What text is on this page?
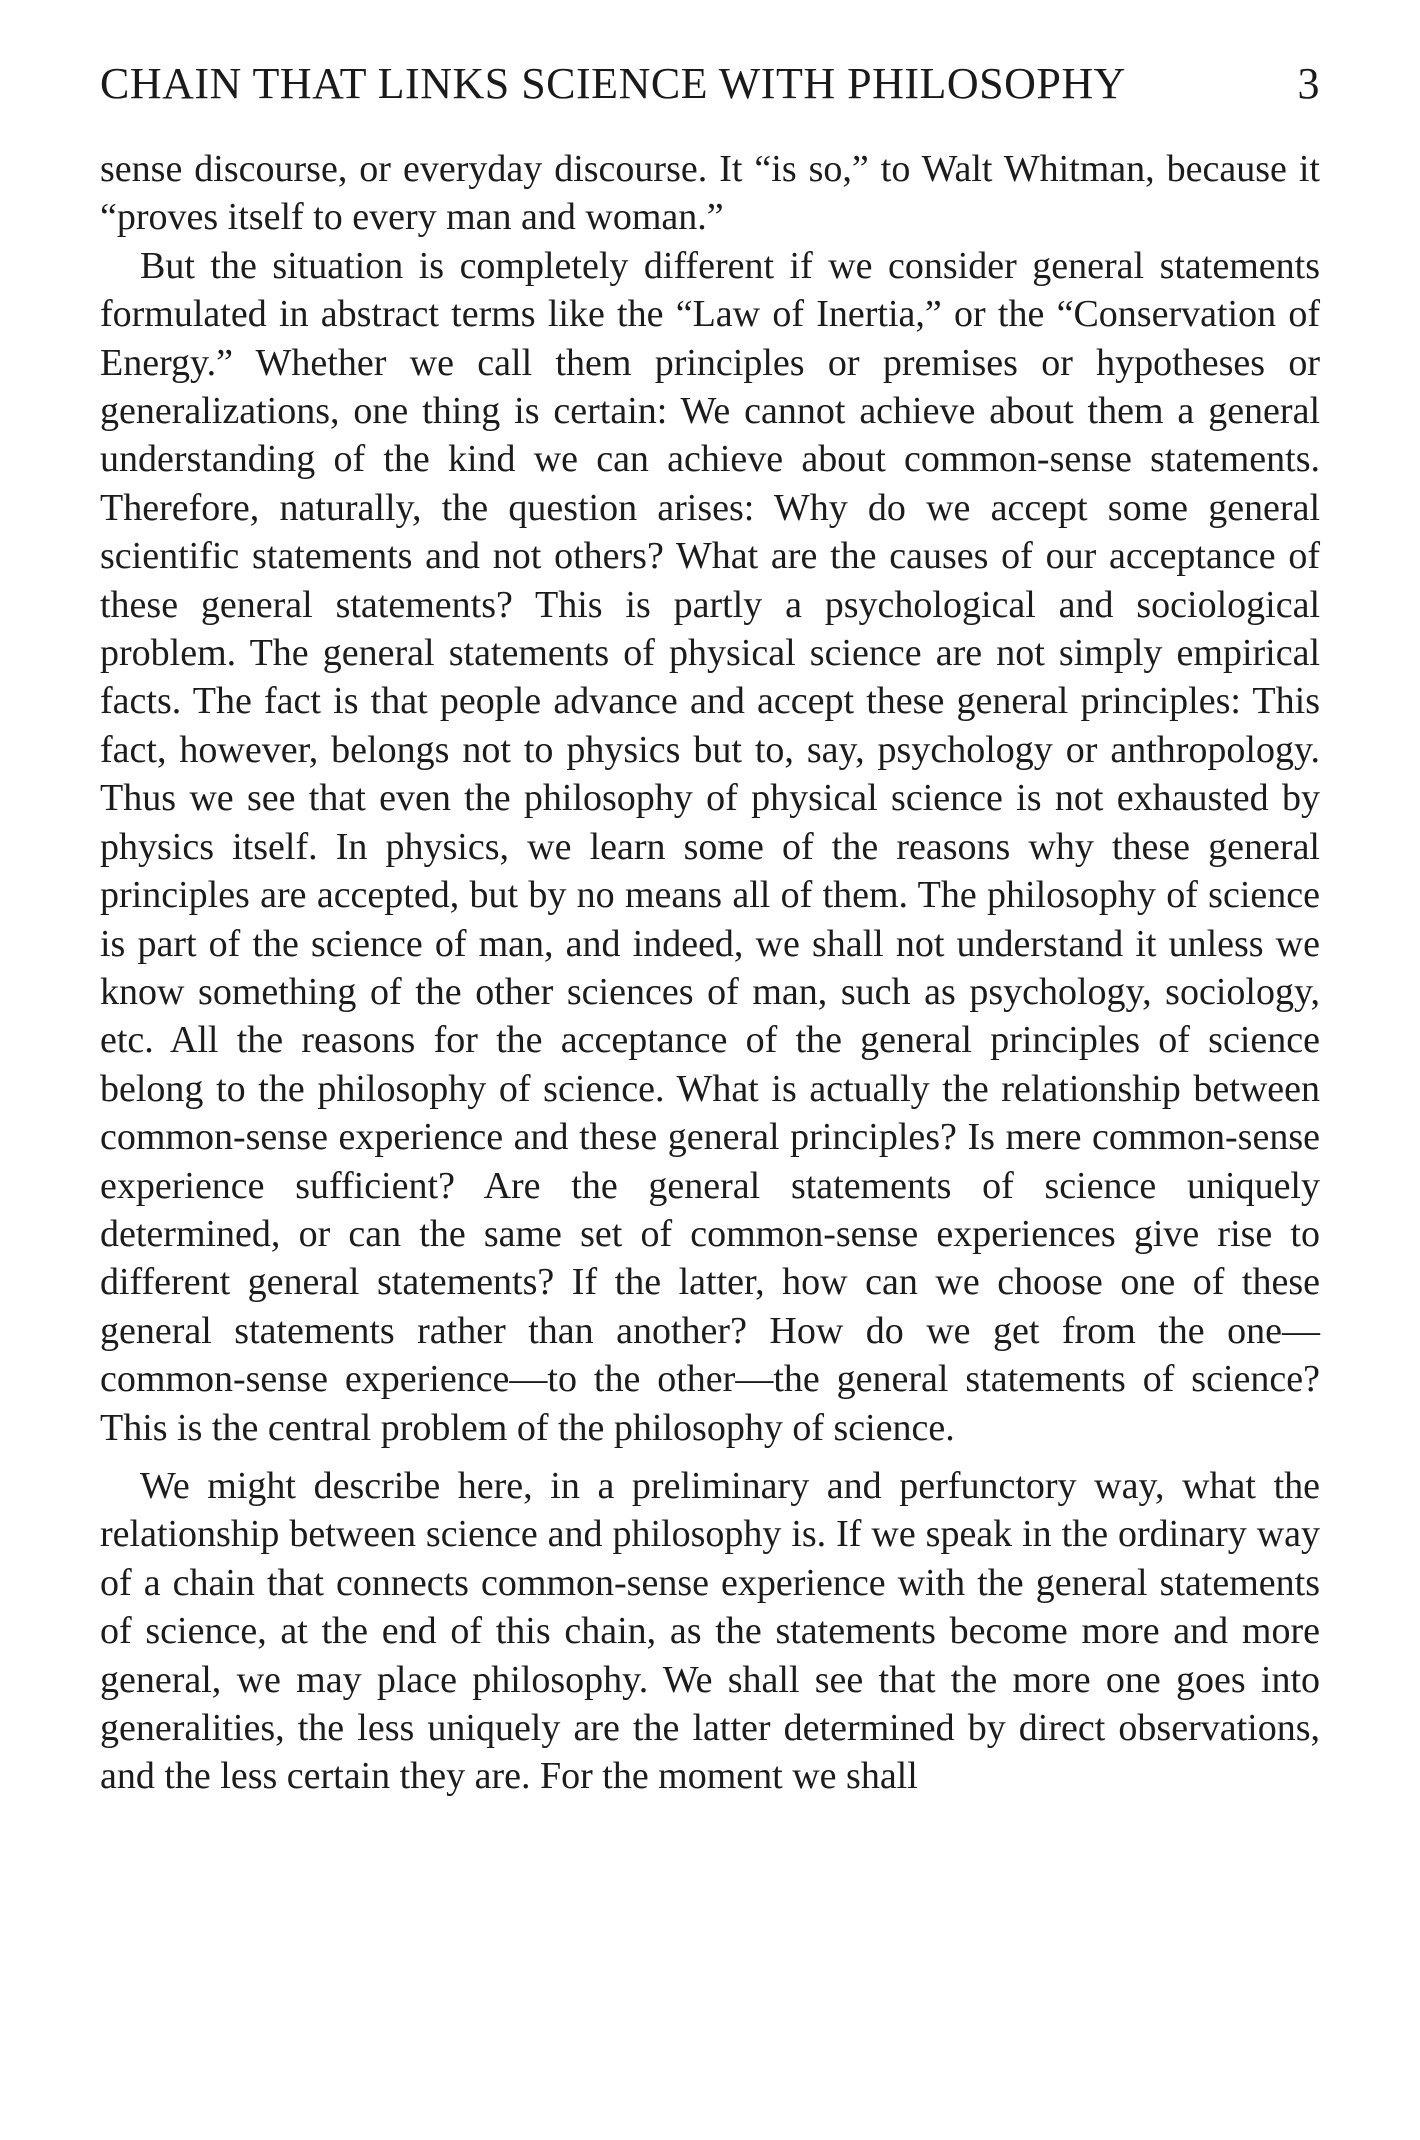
CHAIN THAT LINKS SCIENCE WITH PHILOSOPHY	3

sense discourse, or everyday discourse. It “is so,” to Walt Whitman, because it “proves itself to every man and woman.”

But the situation is completely different if we consider general statements formulated in abstract terms like the “Law of Inertia,” or the “Conservation of Energy.” Whether we call them principles or premises or hypotheses or generalizations, one thing is certain: We cannot achieve about them a general understanding of the kind we can achieve about common-sense statements. Therefore, naturally, the question arises: Why do we accept some general scientific statements and not others? What are the causes of our acceptance of these general statements? This is partly a psychological and sociological problem. The general statements of physical science are not simply empirical facts. The fact is that people advance and accept these general principles: This fact, however, belongs not to physics but to, say, psychology or anthropology. Thus we see that even the philosophy of physical science is not exhausted by physics itself. In physics, we learn some of the reasons why these general principles are accepted, but by no means all of them. The philosophy of science is part of the science of man, and indeed, we shall not understand it unless we know something of the other sciences of man, such as psychology, sociology, etc. All the reasons for the acceptance of the general principles of science belong to the philosophy of science. What is actually the relationship between common-sense experience and these general principles? Is mere common-sense experience sufficient? Are the general statements of science uniquely determined, or can the same set of common-sense experiences give rise to different general statements? If the latter, how can we choose one of these general statements rather than another? How do we get from the one—common-sense experience—to the other—the general statements of science? This is the central problem of the philosophy of science.

We might describe here, in a preliminary and perfunctory way, what the relationship between science and philosophy is. If we speak in the ordinary way of a chain that connects common-sense experience with the general statements of science, at the end of this chain, as the statements become more and more general, we may place philosophy. We shall see that the more one goes into generalities, the less uniquely are the latter determined by direct observations, and the less certain they are. For the moment we shall
